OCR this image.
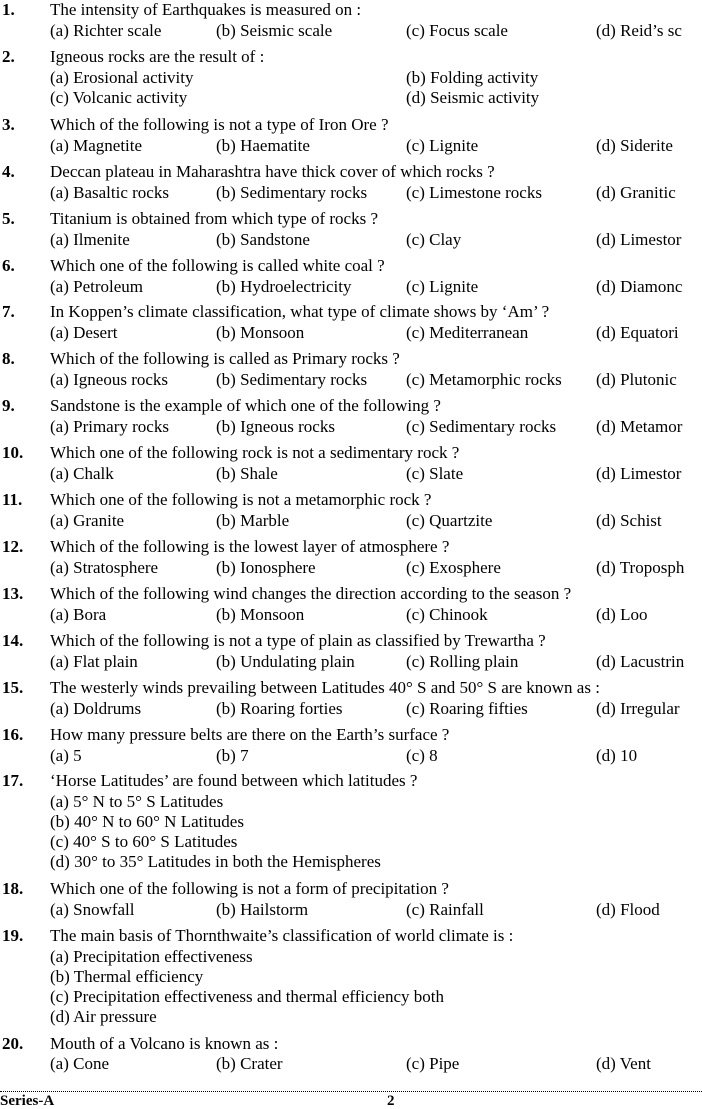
1. The intensity of Earthquakes is measured on :
(a) Richter scale	(b) Seismic scale	(c) Focus scale	(d) Reid’s sc
2. Igneous rocks are the result of :
(a) Erosional activity	(b) Folding activity
(c) Volcanic activity	(d) Seismic activity
3. Which of the following is not a type of Iron Ore ?
(a) Magnetite	(b) Haematite	(c) Lignite	(d) Siderite
4. Deccan plateau in Maharashtra have thick cover of which rocks ?
(a) Basaltic rocks	(b) Sedimentary rocks (c) Limestone rocks	(d) Granitic
5. Titanium is obtained from which type of rocks ?
(a) Ilmenite	(b) Sandstone	(c) Clay	(d) Limestor
6. Which one of the following is called white coal ?
(a) Petroleum	(b) Hydroelectricity	(c) Lignite	(d) Diamonc
7. In Koppen’s climate classification, what type of climate shows by ‘Am’ ?
(a) Desert	(b) Monsoon	(c) Mediterranean	(d) Equatori
8. Which of the following is called as Primary rocks ?
(a) Igneous rocks	(b) Sedimentary rocks (c) Metamorphic rocks (d) Plutonic
9. Sandstone is the example of which one of the following ?
(a) Primary rocks	(b) Igneous rocks	(c) Sedimentary rocks (d) Metamor
10. Which one of the following rock is not a sedimentary rock ?
(a) Chalk	(b) Shale	(c) Slate	(d) Limestor
11. Which one of the following is not a metamorphic rock ?
(a) Granite	(b) Marble	(c) Quartzite	(d) Schist
12. Which of the following is the lowest layer of atmosphere ?
(a) Stratosphere	(b) Ionosphere	(c) Exosphere	(d) Troposph
13. Which of the following wind changes the direction according to the season ?
(a) Bora	(b) Monsoon	(c) Chinook	(d) Loo
14. Which of the following is not a type of plain as classified by Trewartha ?
(a) Flat plain	(b) Undulating plain	(c) Rolling plain	(d) Lacustrin
15. The westerly winds prevailing between Latitudes 40° S and 50° S are known as :
(a) Doldrums	(b) Roaring forties	(c) Roaring fifties	(d) Irregular
16. How many pressure belts are there on the Earth’s surface ?
(a) 5	(b) 7	(c) 8	(d) 10
17. ‘Horse Latitudes’ are found between which latitudes ?
(a) 5° N to 5° S Latitudes
(b) 40° N to 60° N Latitudes
(c) 40° S to 60° S Latitudes
(d) 30° to 35° Latitudes in both the Hemispheres
18. Which one of the following is not a form of precipitation ?
(a) Snowfall	(b) Hailstorm	(c) Rainfall	(d) Flood
19. The main basis of Thornthwaite’s classification of world climate is :
(a) Precipitation effectiveness
(b) Thermal efficiency
(c) Precipitation effectiveness and thermal efficiency both
(d) Air pressure
20. Mouth of a Volcano is known as :
(a) Cone	(b) Crater	(c) Pipe	(d) Vent
Series-A	2
